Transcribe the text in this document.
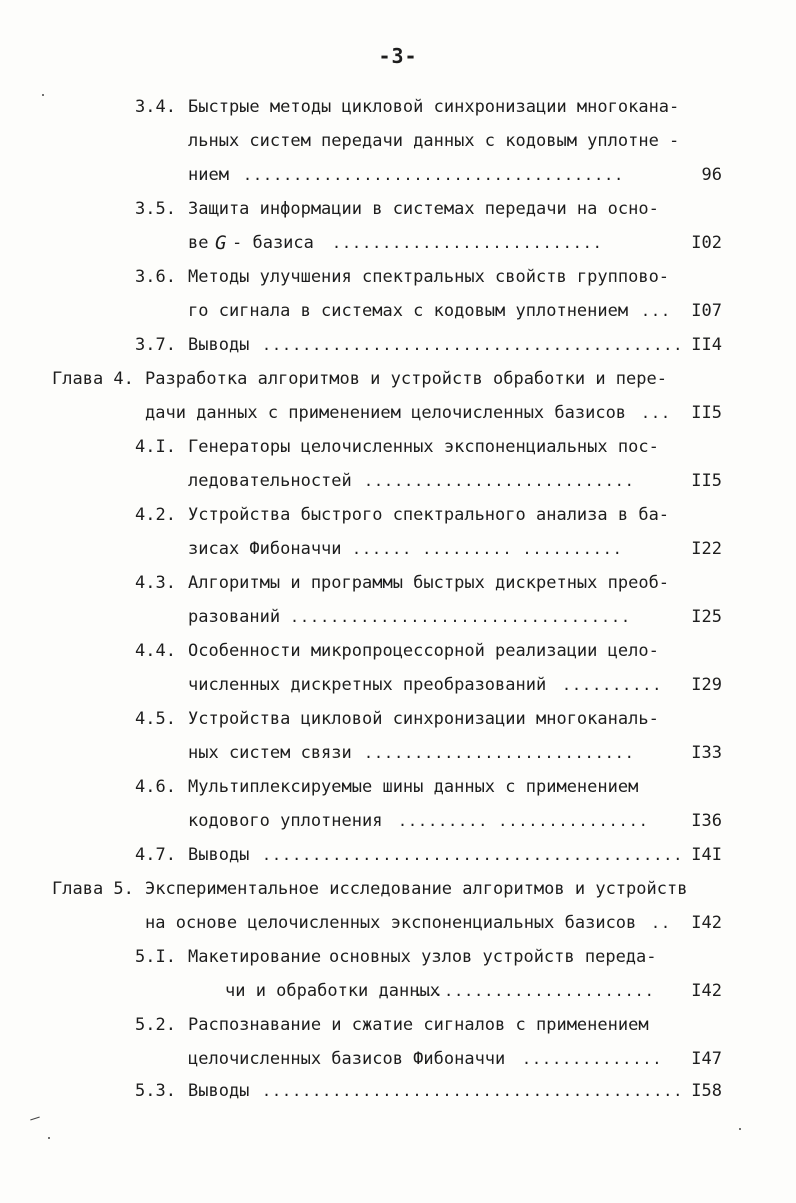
-3-
3.4. Быстрые методы цикловой синхронизации многокана-
льных систем передачи данных с кодовым уплотне -
нием ......................................	96
3.5. Защита информации в системах передачи на осно-
ве G - базиса ...........................	I02
3.6. Методы улучшения спектральных свойств группово-
го сигнала в системах с кодовым уплотнением ...	I07
3.7. Выводы .......................................... II4
Глава 4. Разработка алгоритмов и устройств обработки и пере-
дачи данных с применением целочисленных базисов ...	II5
4.I. Генераторы целочисленных экспоненциальных пос-
ледовательностей ...........................	II5
4.2. Устройства быстрого спектрального анализа в ба-
зисах Фибоначчи ...... ......... ..........	I22
4.3. Алгоритмы и программы быстрых дискретных преоб-
разований ..................................	I25
4.4. Особенности микропроцессорной реализации цело-
численных дискретных преобразований ..........	I29
4.5. Устройства цикловой синхронизации многоканаль-
ных систем связи ...........................	I33
4.6. Мультиплексируемые шины данных с применением
кодового уплотнения ......... ...............	I36
4.7. Выводы .......................................... I4I
Глава 5. Экспериментальное исследование алгоритмов и устройств
на основе целочисленных экспоненциальных базисов ..	I42
5.I. Макетирование основных узлов устройств переда-
чи и обработки данных
........................	I42
5.2. Распознавание и сжатие сигналов с применением
целочисленных базисов Фибоначчи ..............	I47
5.3. Выводы .......................................... I58
